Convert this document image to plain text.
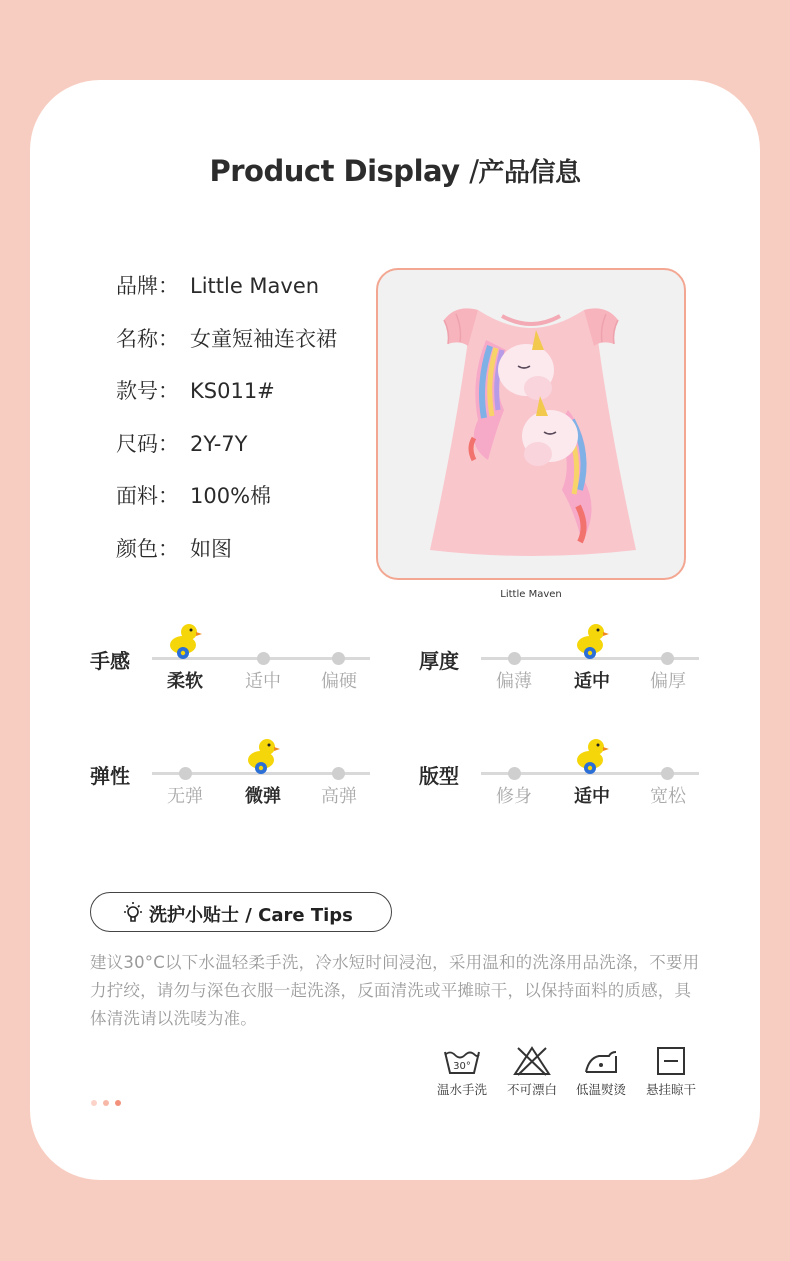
Product Display /产品信息
品牌： Little Maven
名称： 女童短袖连衣裙
款号： KS011#
尺码： 2Y-7Y
面料： 100%棉
颜色： 如图
Little Maven
手感
柔软	适中	偏硬
厚度
偏薄	适中	偏厚
弹性
无弹	微弹	高弹
版型
修身	适中	宽松
洗护小贴士 / Care Tips
建议30°C以下水温轻柔手洗，冷水短时间浸泡，采用温和的洗涤用品洗涤，不要用力拧绞，请勿与深色衣服一起洗涤，反面清洗或平摊晾干，以保持面料的质感，具体清洗请以洗唛为准。
30°
温水手洗	不可漂白	低温熨烫	悬挂晾干
